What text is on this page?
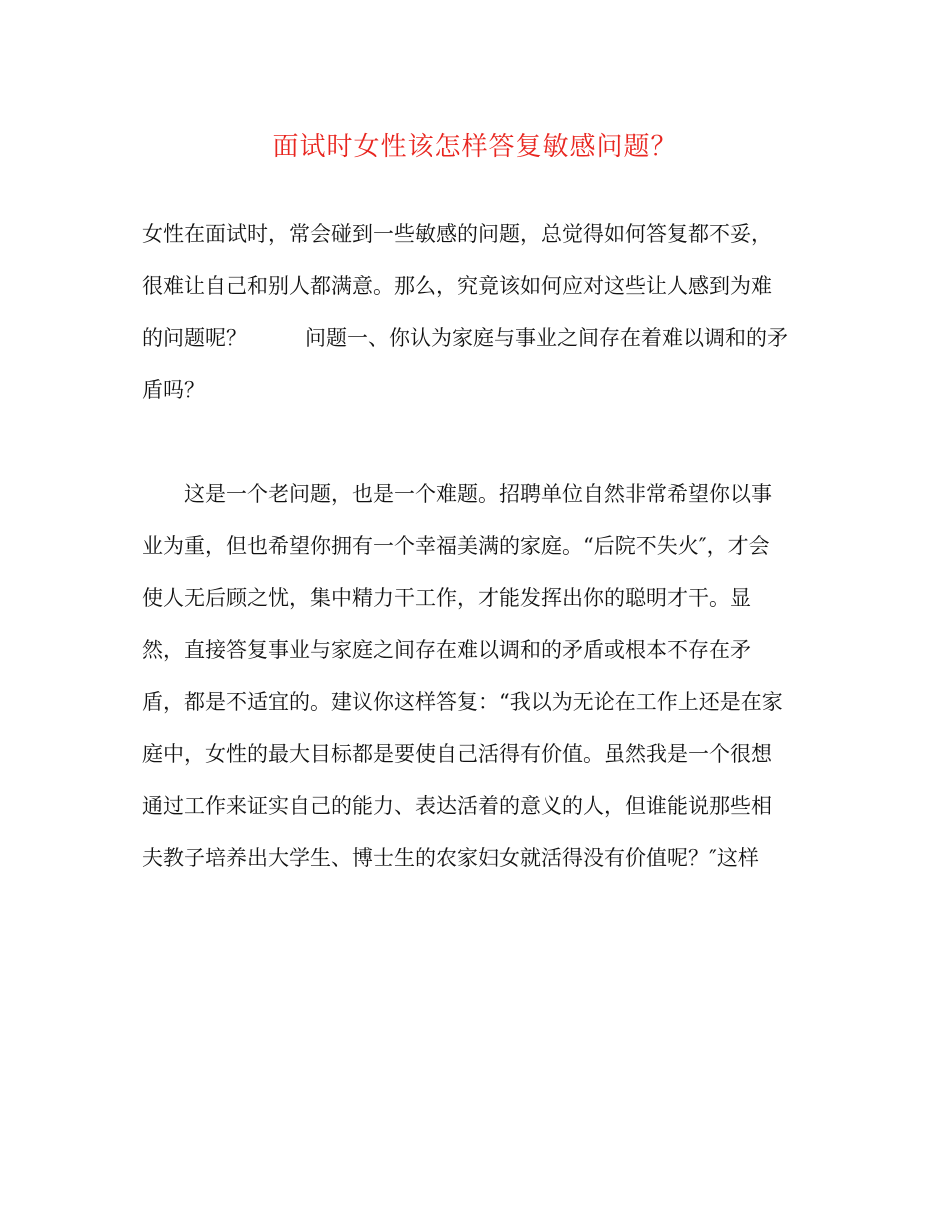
面试时女性该怎样答复敏感问题？
女性在面试时，常会碰到一些敏感的问题，总觉得如何答复都不妥，
很难让自己和别人都满意。那么，究竟该如何应对这些让人感到为难
的问题呢？	问题一、你认为家庭与事业之间存在着难以调和的矛
盾吗？
这是一个老问题，也是一个难题。招聘单位自然非常希望你以事
业为重，但也希望你拥有一个幸福美满的家庭。“后院不失火″，才会
使人无后顾之忧，集中精力干工作，才能发挥出你的聪明才干。显
然，直接答复事业与家庭之间存在难以调和的矛盾或根本不存在矛
盾，都是不适宜的。建议你这样答复：“我以为无论在工作上还是在家
庭中，女性的最大目标都是要使自己活得有价值。虽然我是一个很想
通过工作来证实自己的能力、表达活着的意义的人，但谁能说那些相
夫教子培养出大学生、博士生的农家妇女就活得没有价值呢？″这样
